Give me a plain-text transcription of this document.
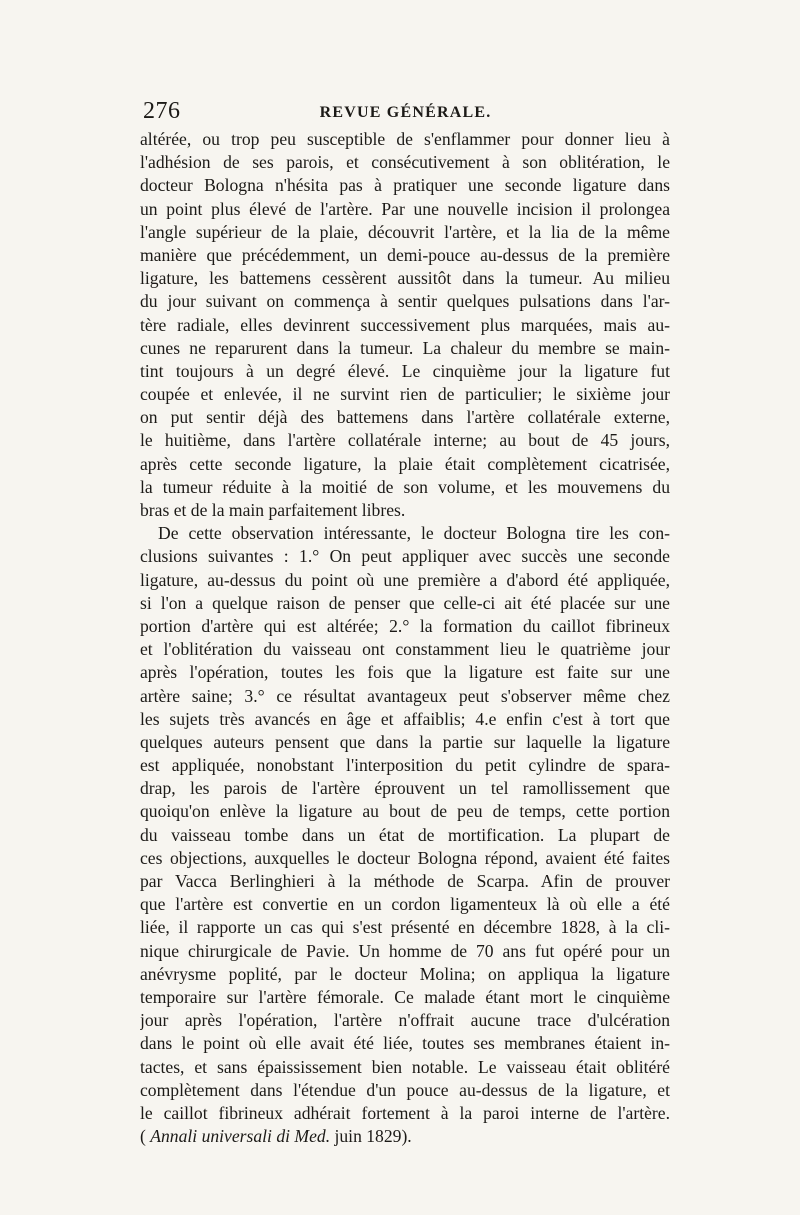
276	REVUE GÉNÉRALE.
altérée, ou trop peu susceptible de s'enflammer pour donner lieu à
l'adhésion de ses parois, et consécutivement à son oblitération, le
docteur Bologna n'hésita pas à pratiquer une seconde ligature dans
un point plus élevé de l'artère. Par une nouvelle incision il prolongea
l'angle supérieur de la plaie, découvrit l'artère, et la lia de la même
manière que précédemment, un demi-pouce au-dessus de la première
ligature, les battemens cessèrent aussitôt dans la tumeur. Au milieu
du jour suivant on commença à sentir quelques pulsations dans l'ar-
tère radiale, elles devinrent successivement plus marquées, mais au-
cunes ne reparurent dans la tumeur. La chaleur du membre se main-
tint toujours à un degré élevé. Le cinquième jour la ligature fut
coupée et enlevée, il ne survint rien de particulier; le sixième jour
on put sentir déjà des battemens dans l'artère collatérale externe,
le huitième, dans l'artère collatérale interne; au bout de 45 jours,
après cette seconde ligature, la plaie était complètement cicatrisée,
la tumeur réduite à la moitié de son volume, et les mouvemens du
bras et de la main parfaitement libres.
De cette observation intéressante, le docteur Bologna tire les con-
clusions suivantes : 1.° On peut appliquer avec succès une seconde
ligature, au-dessus du point où une première a d'abord été appliquée,
si l'on a quelque raison de penser que celle-ci ait été placée sur une
portion d'artère qui est altérée; 2.° la formation du caillot fibrineux
et l'oblitération du vaisseau ont constamment lieu le quatrième jour
après l'opération, toutes les fois que la ligature est faite sur une
artère saine; 3.° ce résultat avantageux peut s'observer même chez
les sujets très avancés en âge et affaiblis; 4.e enfin c'est à tort que
quelques auteurs pensent que dans la partie sur laquelle la ligature
est appliquée, nonobstant l'interposition du petit cylindre de spara-
drap, les parois de l'artère éprouvent un tel ramollissement que
quoiqu'on enlève la ligature au bout de peu de temps, cette portion
du vaisseau tombe dans un état de mortification. La plupart de
ces objections, auxquelles le docteur Bologna répond, avaient été faites
par Vacca Berlinghieri à la méthode de Scarpa. Afin de prouver
que l'artère est convertie en un cordon ligamenteux là où elle a été
liée, il rapporte un cas qui s'est présenté en décembre 1828, à la cli-
nique chirurgicale de Pavie. Un homme de 70 ans fut opéré pour un
anévrysme poplité, par le docteur Molina; on appliqua la ligature
temporaire sur l'artère fémorale. Ce malade étant mort le cinquième
jour après l'opération, l'artère n'offrait aucune trace d'ulcération
dans le point où elle avait été liée, toutes ses membranes étaient in-
tactes, et sans épaississement bien notable. Le vaisseau était oblitéré
complètement dans l'étendue d'un pouce au-dessus de la ligature, et
le caillot fibrineux adhérait fortement à la paroi interne de l'artère.
( Annali universali di Med. juin 1829).
